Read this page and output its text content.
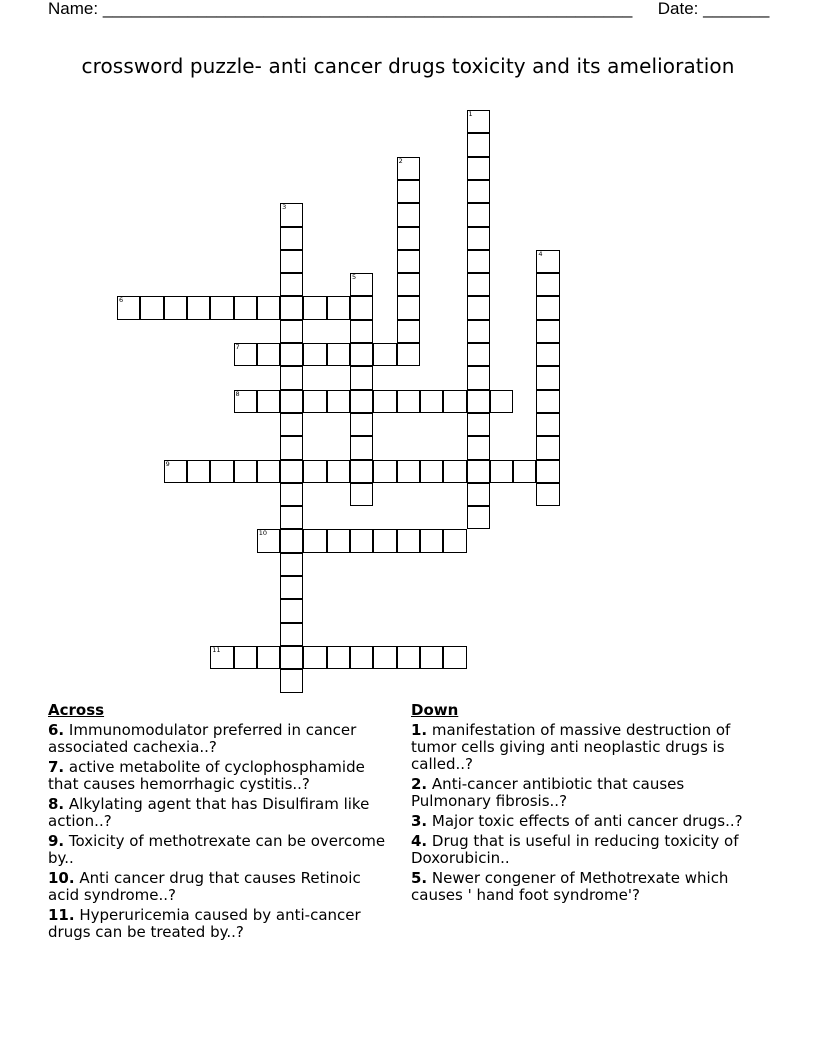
Name: ________________________________________________________ Date: _______
crossword puzzle- anti cancer drugs toxicity and its amelioration
1
2
3
4
5
6
7
8
9
10
11
Across
6. Immunomodulator preferred in cancer associated cachexia..?
7. active metabolite of cyclophosphamide that causes hemorrhagic cystitis..?
8. Alkylating agent that has Disulfiram like action..?
9. Toxicity of methotrexate can be overcome by..
10. Anti cancer drug that causes Retinoic acid syndrome..?
11. Hyperuricemia caused by anti-cancer drugs can be treated by..?
Down
1. manifestation of massive destruction of tumor cells giving anti neoplastic drugs is called..?
2. Anti-cancer antibiotic that causes Pulmonary fibrosis..?
3. Major toxic effects of anti cancer drugs..?
4. Drug that is useful in reducing toxicity of Doxorubicin..
5. Newer congener of Methotrexate which causes ' hand foot syndrome'?
